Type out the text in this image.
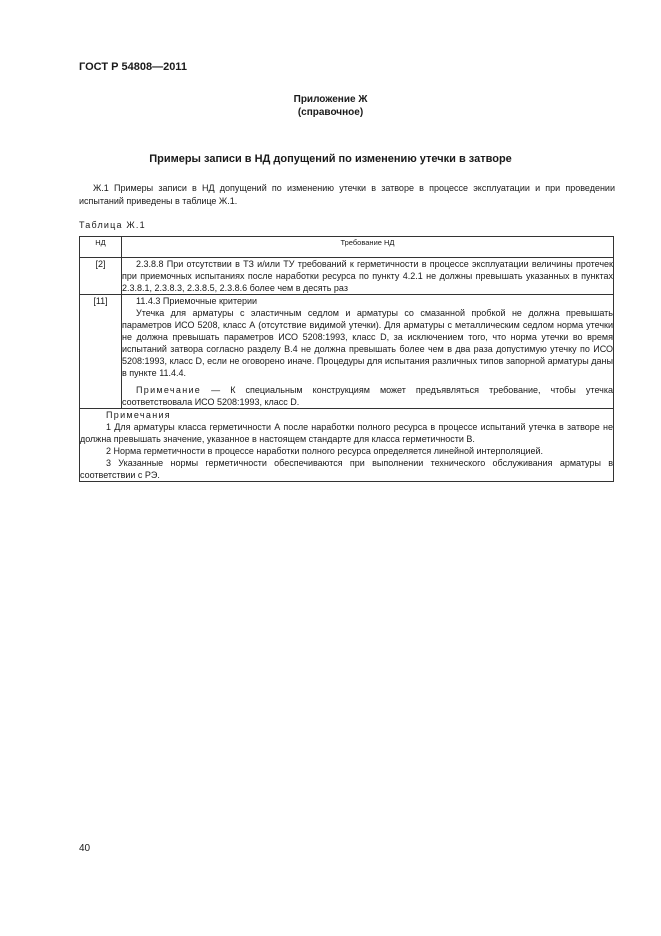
ГОСТ Р 54808—2011
Приложение Ж
(справочное)
Примеры записи в НД допущений по изменению утечки в затворе

Ж.1 Примеры записи в НД допущений по изменению утечки в затворе в процессе эксплуатации и при проведении испытаний приведены в таблице Ж.1.

Таблица Ж.1
НД	Требование НД
[2]	2.3.8.8 При отсутствии в ТЗ и/или ТУ требований к герметичности в процессе эксплуатации величины протечек при приемочных испытаниях после наработки ресурса по пункту 4.2.1 не должны превышать указанных в пунктах 2.3.8.1, 2.3.8.3, 2.3.8.5, 2.3.8.6 более чем в десять раз

[11]	11.4.3 Приемочные критерии

Утечка для арматуры с эластичным седлом и арматуры со смазанной пробкой не должна превышать параметров ИСО 5208, класс А (отсутствие видимой утечки). Для арматуры с металлическим седлом норма утечки не должна превышать параметров ИСО 5208:1993, класс D, за исключением того, что норма утечки во время испытаний затвора согласно разделу В.4 не должна превышать более чем в два раза допустимую утечку по ИСО 5208:1993, класс D, если не оговорено иначе. Процедуры для испытания различных типов запорной арматуры даны в пункте 11.4.4.

Примечание — К специальным конструкциям может предъявляться требование, чтобы утечка соответствовала ИСО 5208:1993, класс D.

Примечания

1 Для арматуры класса герметичности А после наработки полного ресурса в процессе испытаний утечка в затворе не должна превышать значение, указанное в настоящем стандарте для класса герметичности В.

2 Норма герметичности в процессе наработки полного ресурса определяется линейной интерполяцией.

3 Указанные нормы герметичности обеспечиваются при выполнении технического обслуживания арматуры в соответствии с РЭ.	

40
